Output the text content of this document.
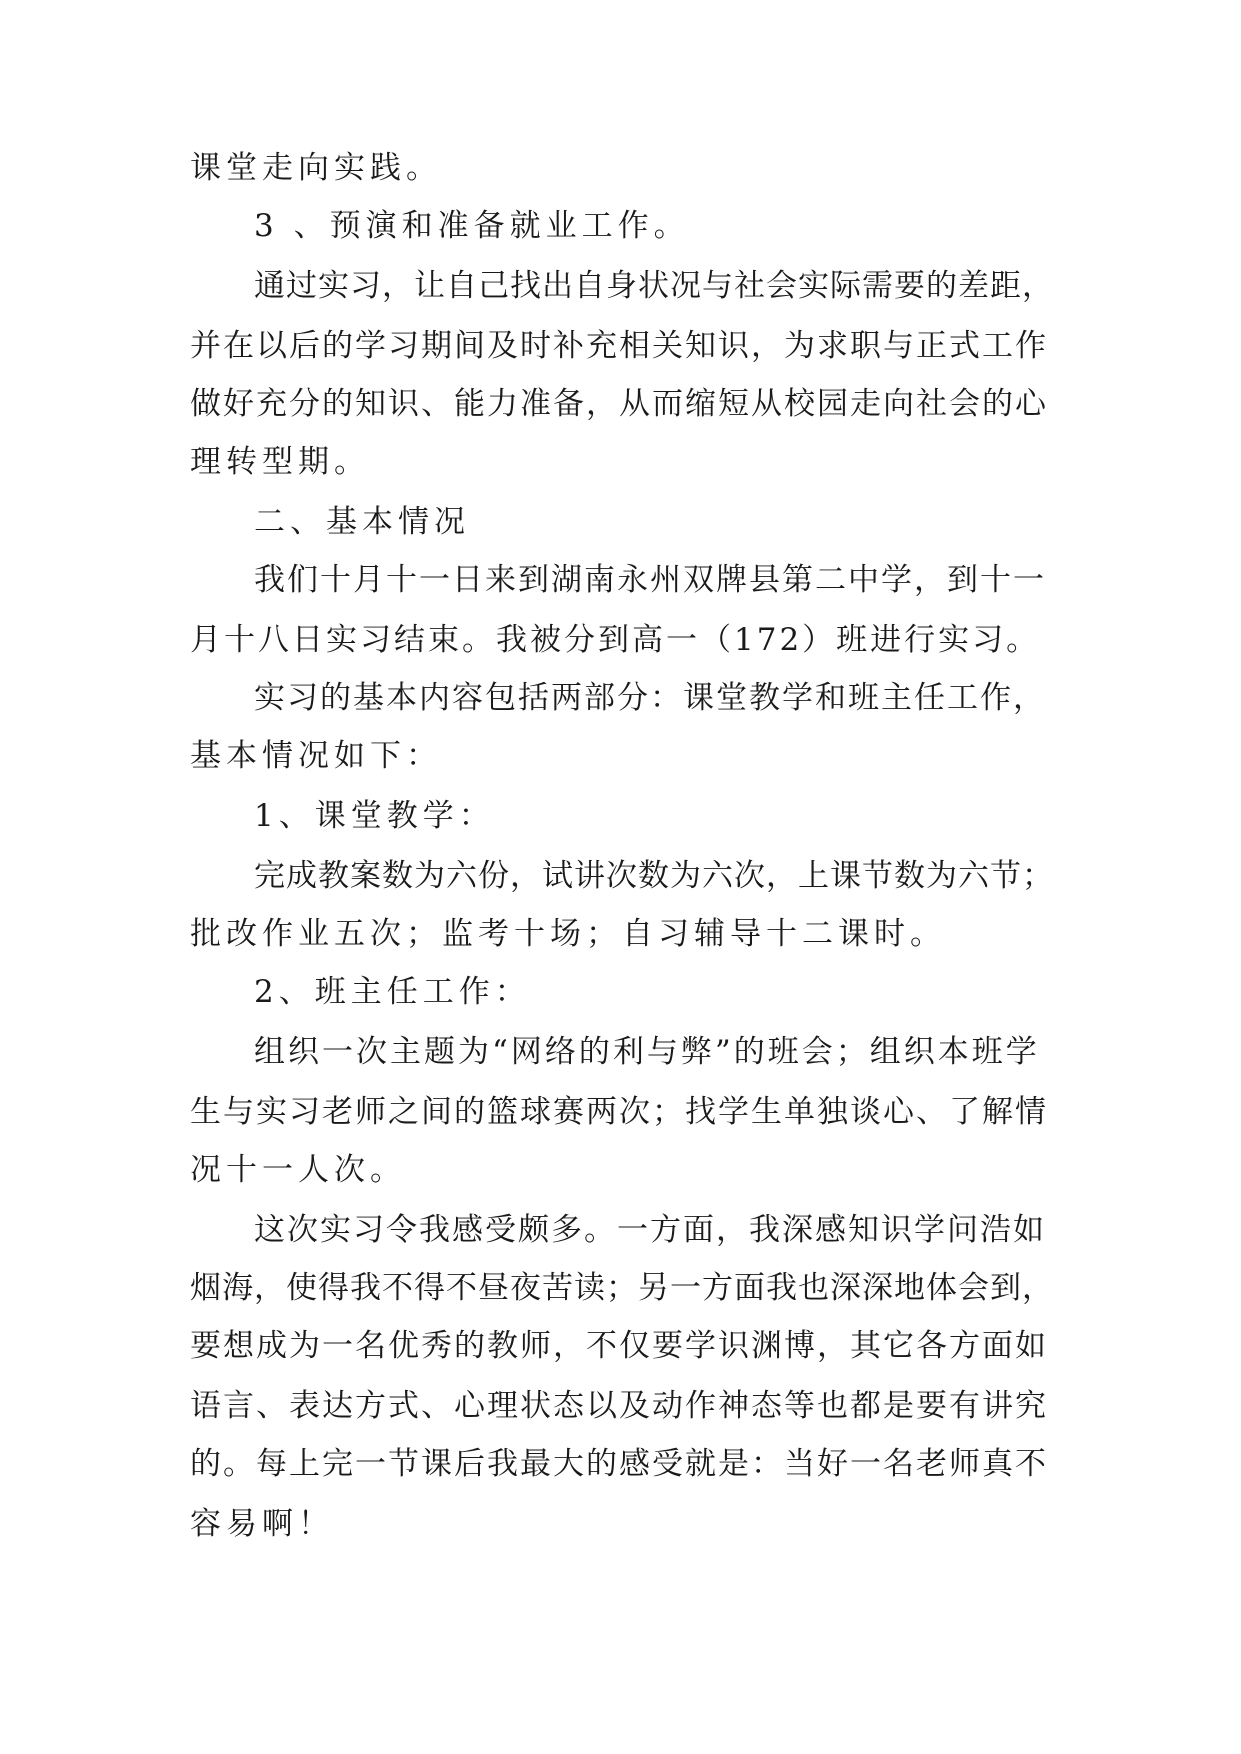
课堂走向实践。
3 、预演和准备就业工作。
通过实习，让自己找出自身状况与社会实际需要的差距，
并在以后的学习期间及时补充相关知识，为求职与正式工作
做好充分的知识、能力准备，从而缩短从校园走向社会的心
理转型期。
二、基本情况
我们十月十一日来到湖南永州双牌县第二中学，到十一
月十八日实习结束。我被分到高一（172）班进行实习。
实习的基本内容包括两部分：课堂教学和班主任工作，
基本情况如下：
1、课堂教学：
完成教案数为六份，试讲次数为六次，上课节数为六节；
批改作业五次；监考十场；自习辅导十二课时。
2、班主任工作：
组织一次主题为“网络的利与弊”的班会；组织本班学
生与实习老师之间的篮球赛两次；找学生单独谈心、了解情
况十一人次。
这次实习令我感受颇多。一方面，我深感知识学问浩如
烟海，使得我不得不昼夜苦读；另一方面我也深深地体会到，
要想成为一名优秀的教师，不仅要学识渊博，其它各方面如
语言、表达方式、心理状态以及动作神态等也都是要有讲究
的。每上完一节课后我最大的感受就是：当好一名老师真不
容易啊！
